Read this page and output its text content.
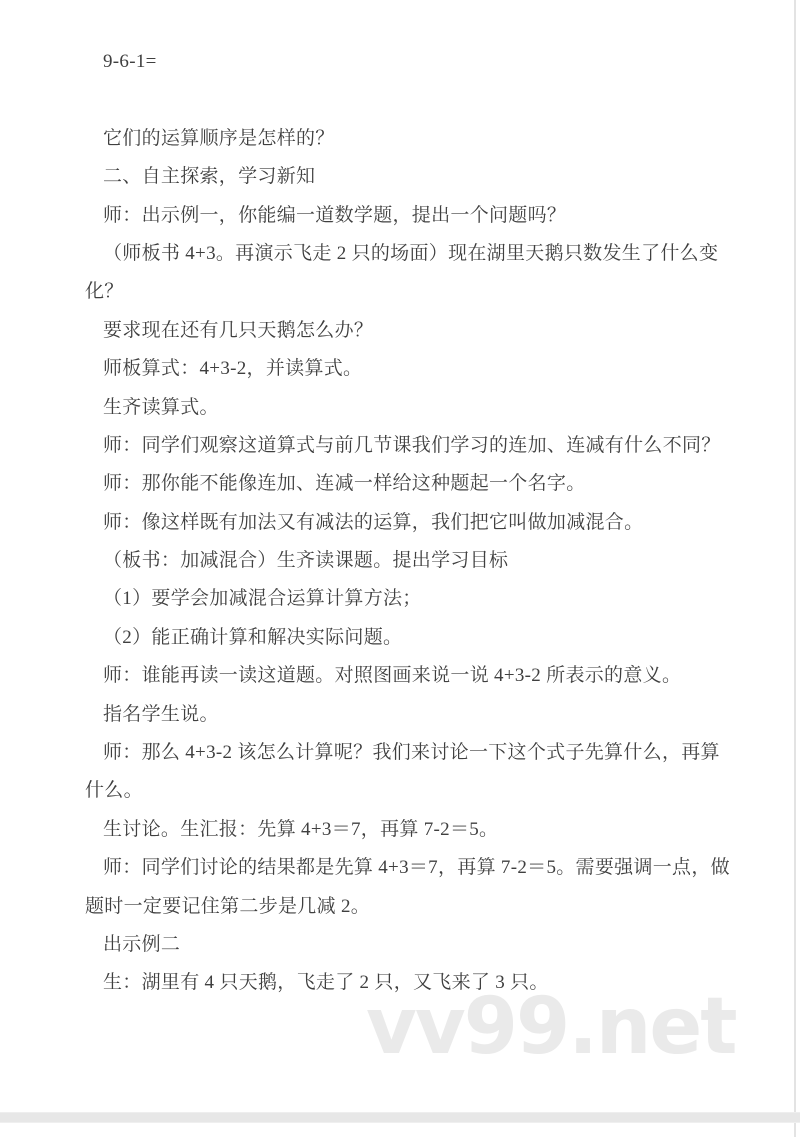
9-6-1=
它们的运算顺序是怎样的？
二、自主探索，学习新知
师：出示例一，你能编一道数学题，提出一个问题吗？
（师板书 4+3。再演示飞走 2 只的场面）现在湖里天鹅只数发生了什么变
化？
要求现在还有几只天鹅怎么办？
师板算式：4+3-2，并读算式。
生齐读算式。
师：同学们观察这道算式与前几节课我们学习的连加、连减有什么不同？
师：那你能不能像连加、连减一样给这种题起一个名字。
师：像这样既有加法又有减法的运算，我们把它叫做加减混合。
（板书：加减混合）生齐读课题。提出学习目标
（1）要学会加减混合运算计算方法；
（2）能正确计算和解决实际问题。
师：谁能再读一读这道题。对照图画来说一说 4+3-2 所表示的意义。
指名学生说。
师：那么 4+3-2 该怎么计算呢？我们来讨论一下这个式子先算什么，再算
什么。
生讨论。生汇报：先算 4+3＝7，再算 7-2＝5。
师：同学们讨论的结果都是先算 4+3＝7，再算 7-2＝5。需要强调一点，做
题时一定要记住第二步是几减 2。
出示例二
生：湖里有 4 只天鹅，飞走了 2 只，又飞来了 3 只。
vv99.net
